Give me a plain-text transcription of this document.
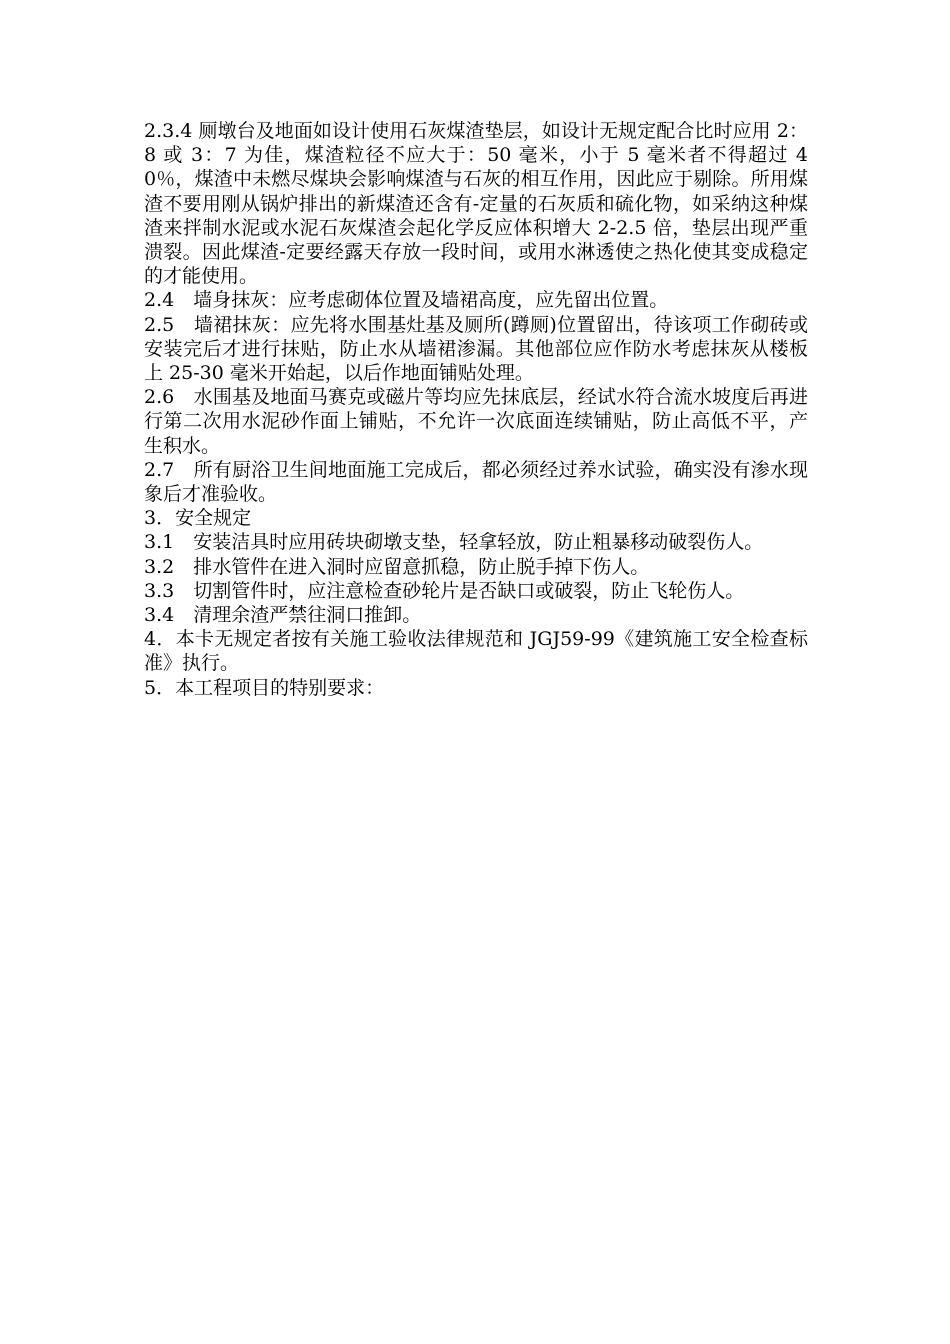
2.3.4 厕墩台及地面如设计使用石灰煤渣垫层，如设计无规定配合比时应用 2：8 或 3：7 为佳，煤渣粒径不应大于：50 毫米，小于 5 毫米者不得超过 40％，煤渣中未燃尽煤块会影响煤渣与石灰的相互作用，因此应于剔除。所用煤渣不要用刚从锅炉排出的新煤渣还含有-定量的石灰质和硫化物，如采纳这种煤渣来拌制水泥或水泥石灰煤渣会起化学反应体积增大 2-2.5 倍，垫层出现严重溃裂。因此煤渣-定要经露天存放一段时间，或用水淋透使之热化使其变成稳定的才能使用。

2.4　墙身抹灰：应考虑砌体位置及墙裙高度，应先留出位置。

2.5　墙裙抹灰：应先将水围基灶基及厕所(蹲厕)位置留出，待该项工作砌砖或安装完后才进行抹贴，防止水从墙裙渗漏。其他部位应作防水考虑抹灰从楼板上 25-30 毫米开始起，以后作地面铺贴处理。

2.6　水围基及地面马赛克或磁片等均应先抹底层，经试水符合流水坡度后再进行第二次用水泥砂作面上铺贴，不允许一次底面连续铺贴，防止高低不平，产生积水。

2.7　所有厨浴卫生间地面施工完成后，都必须经过养水试验，确实没有渗水现象后才准验收。

3．安全规定

3.1　安装洁具时应用砖块砌墩支垫，轻拿轻放，防止粗暴移动破裂伤人。

3.2　排水管件在进入洞时应留意抓稳，防止脱手掉下伤人。

3.3　切割管件时，应注意检查砂轮片是否缺口或破裂，防止飞轮伤人。

3.4　清理余渣严禁往洞口推卸。

4．本卡无规定者按有关施工验收法律规范和 JGJ59-99《建筑施工安全检查标准》执行。

5．本工程项目的特别要求：
